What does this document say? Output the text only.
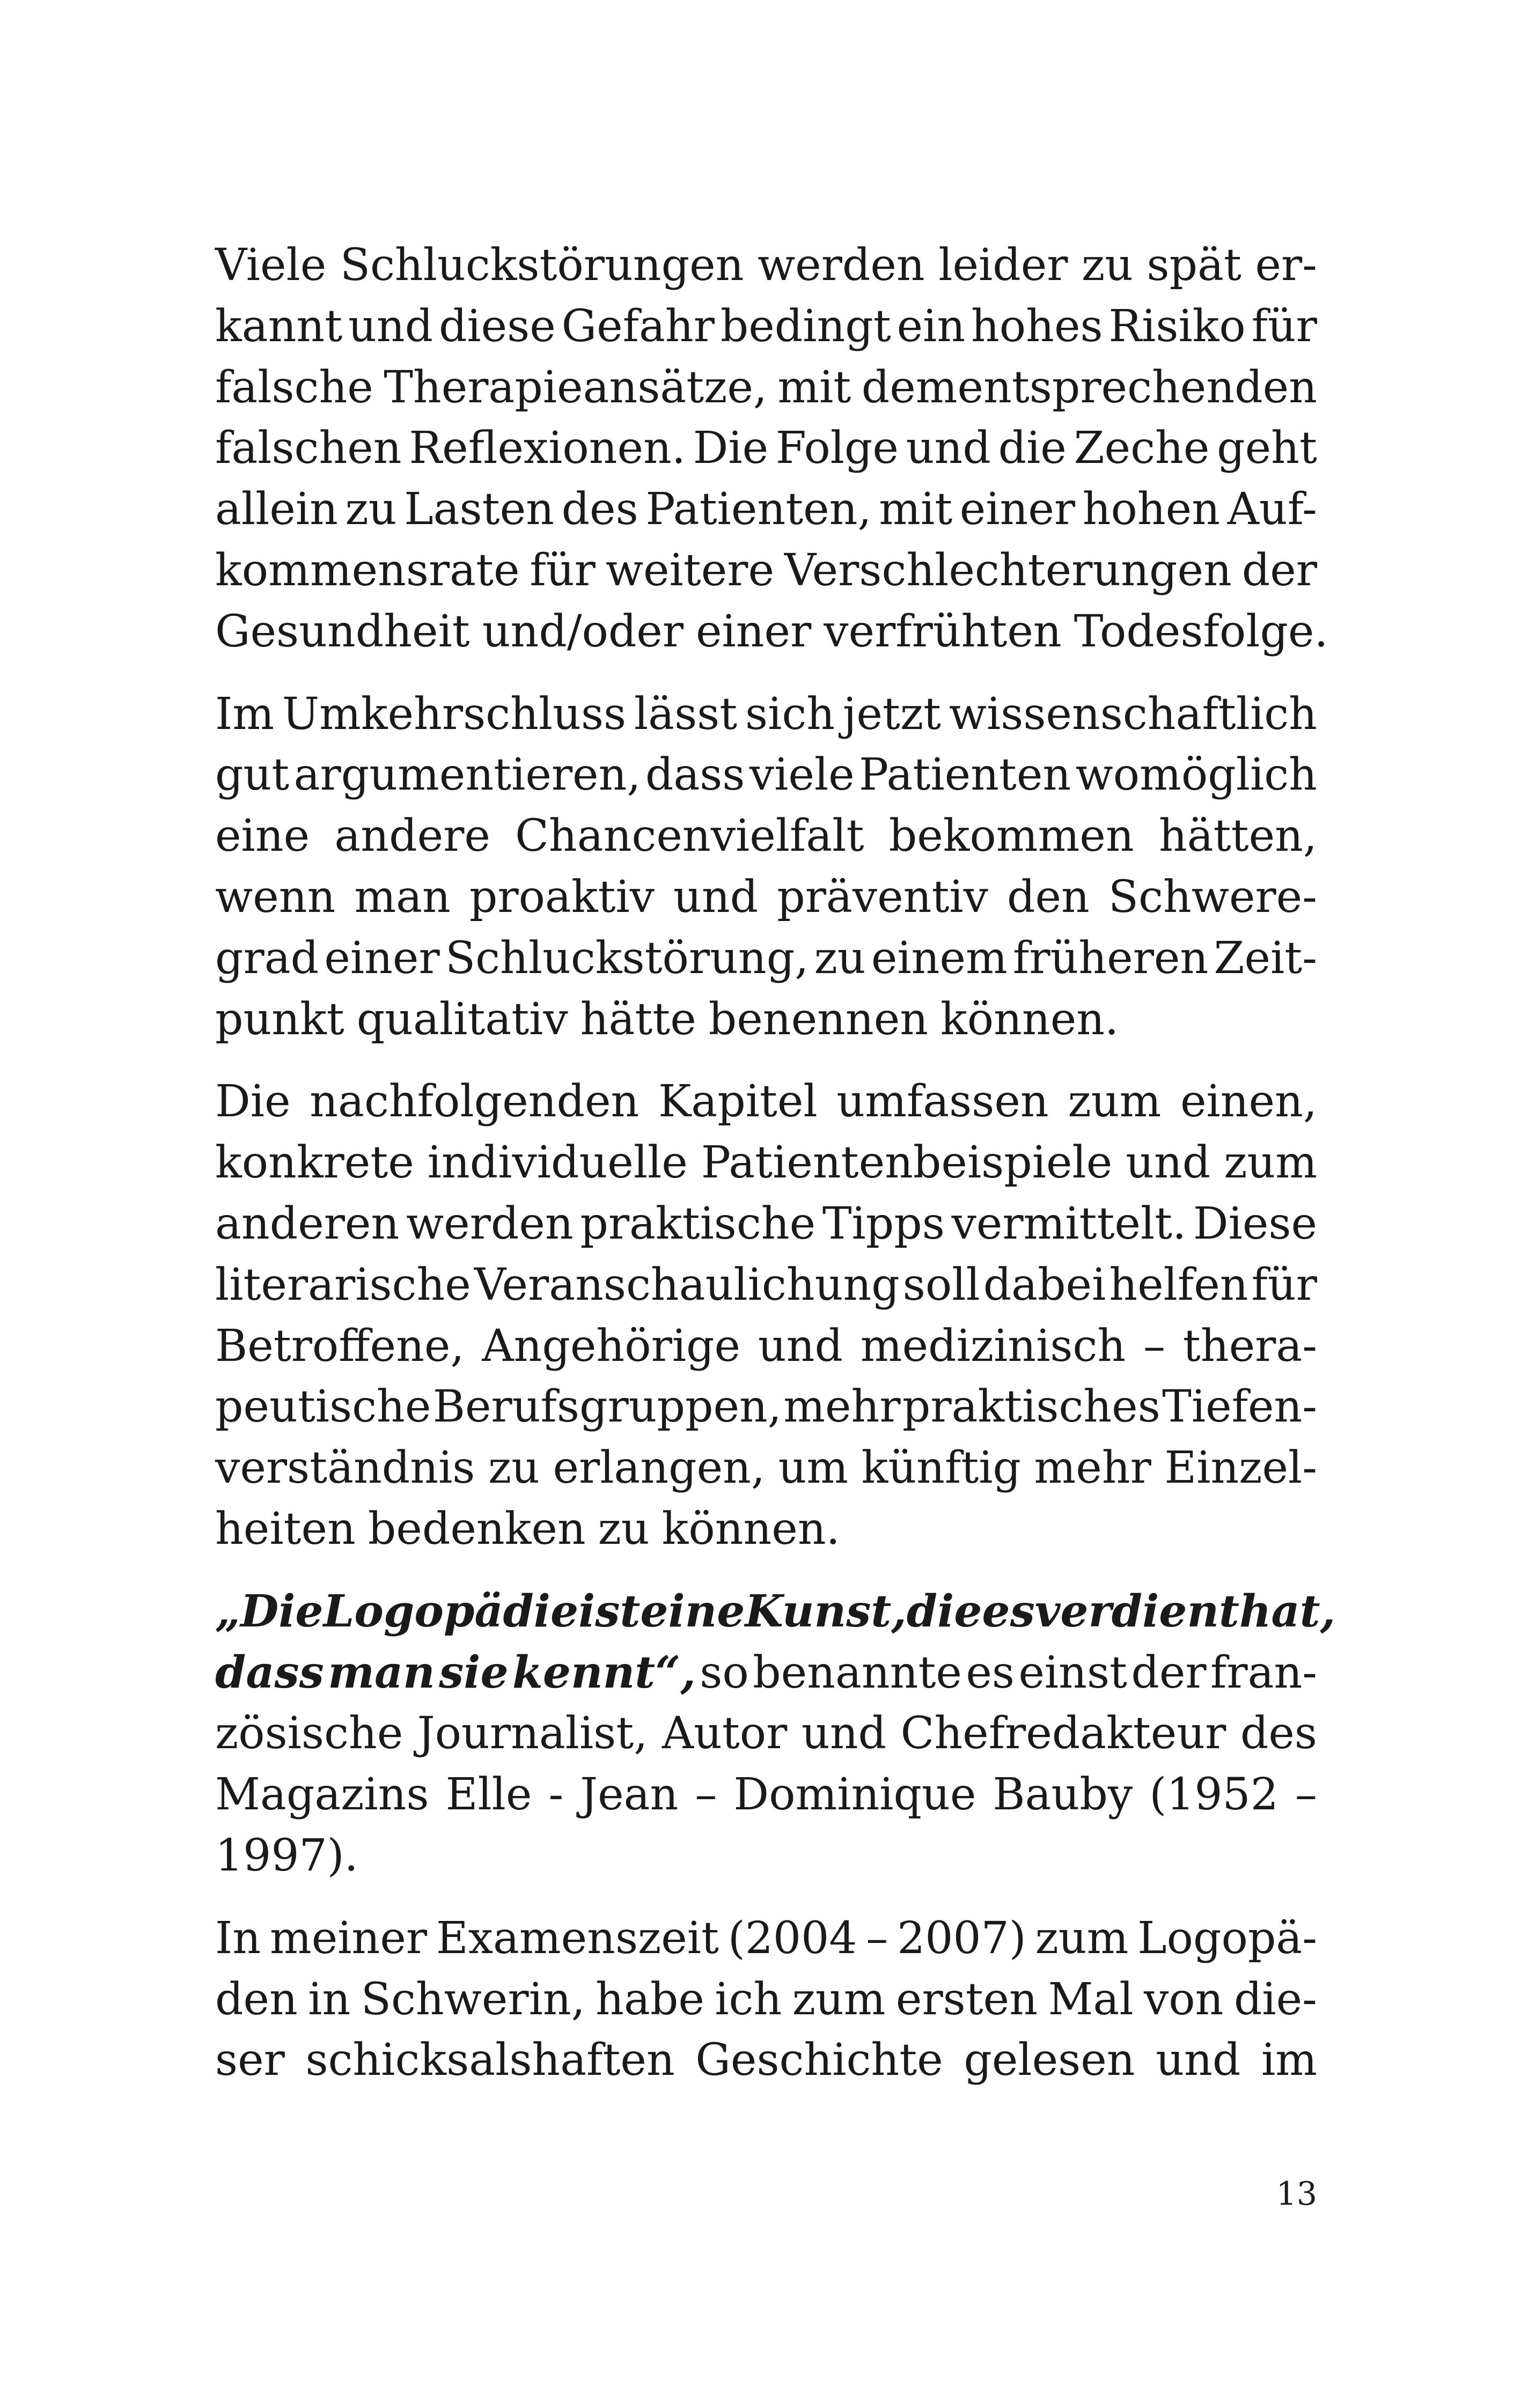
Viele Schluckstörungen werden leider zu spät er-
kannt und diese Gefahr bedingt ein hohes Risiko für
falsche Therapieansätze, mit dementsprechenden
falschen Reflexionen. Die Folge und die Zeche geht
allein zu Lasten des Patienten, mit einer hohen Auf-
kommensrate für weitere Verschlechterungen der
Gesundheit und/oder einer verfrühten Todesfolge.
Im Umkehrschluss lässt sich jetzt wissenschaftlich
gut argumentieren, dass viele Patienten womöglich
eine andere Chancenvielfalt bekommen hätten,
wenn man proaktiv und präventiv den Schwere-
grad einer Schluckstörung, zu einem früheren Zeit-
punkt qualitativ hätte benennen können.
Die nachfolgenden Kapitel umfassen zum einen,
konkrete individuelle Patientenbeispiele und zum
anderen werden praktische Tipps vermittelt. Diese
literarische Veranschaulichung soll dabei helfen für
Betroffene, Angehörige und medizinisch – thera-
peutische Berufsgruppen, mehr praktisches Tiefen-
verständnis zu erlangen, um künftig mehr Einzel-
heiten bedenken zu können.
„Die Logopädie ist eine Kunst, die es verdient hat,
dass man sie kennt“, so benannte es einst der fran-
zösische Journalist, Autor und Chefredakteur des
Magazins Elle - Jean – Dominique Bauby (1952 –
1997).
In meiner Examenszeit (2004 – 2007) zum Logopä-
den in Schwerin, habe ich zum ersten Mal von die-
ser schicksalshaften Geschichte gelesen und im
13
